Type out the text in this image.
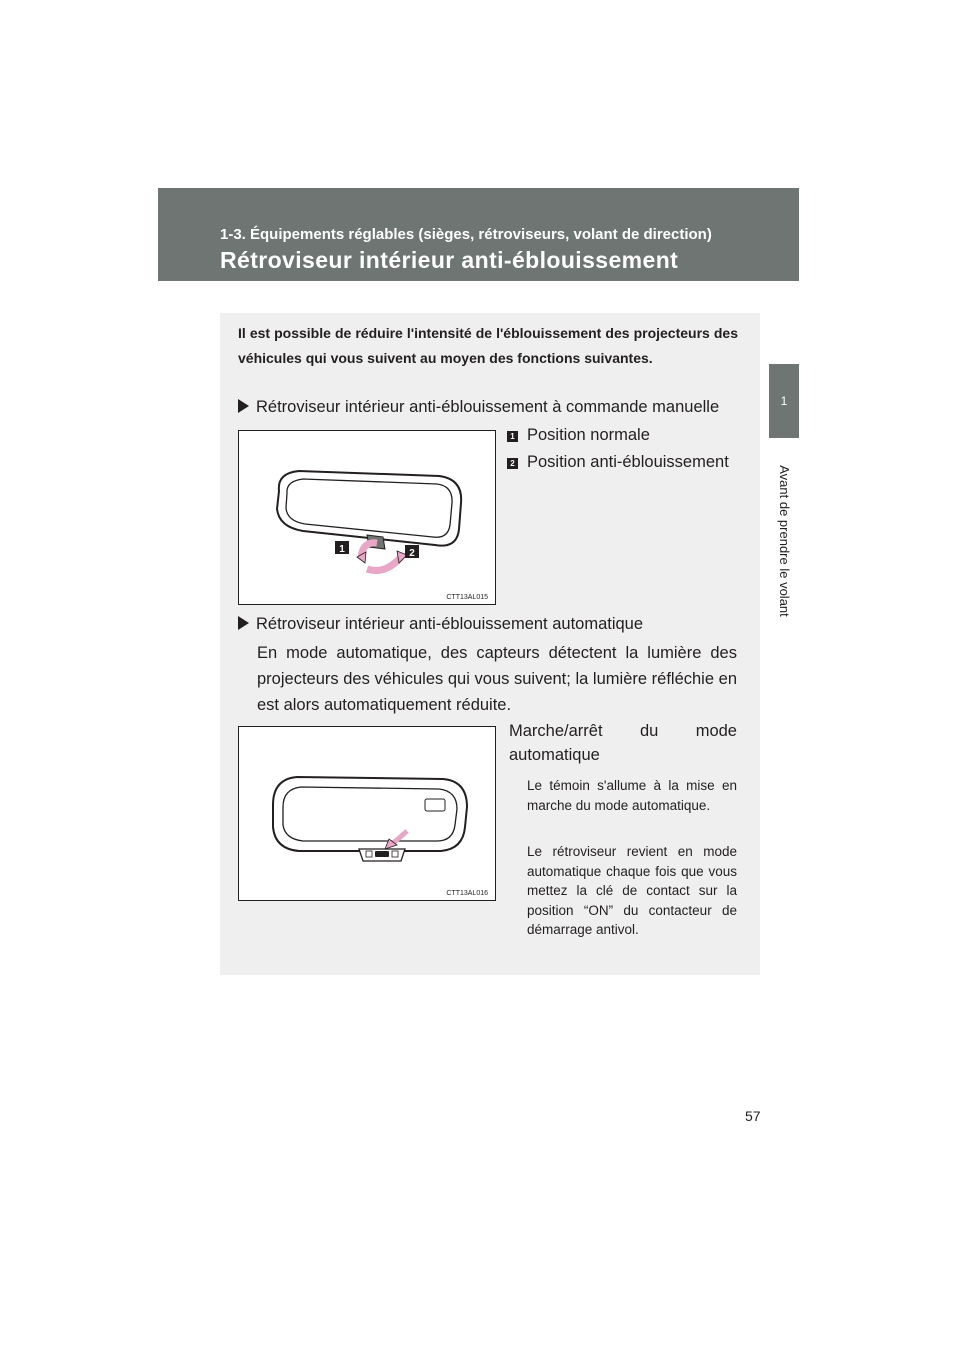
1-3. Équipements réglables (sièges, rétroviseurs, volant de direction)
Rétroviseur intérieur anti-éblouissement
1
Avant de prendre le volant
Il est possible de réduire l'intensité de l'éblouissement des projecteurs des véhicules qui vous suivent au moyen des fonctions suivantes.
Rétroviseur intérieur anti-éblouissement à commande manuelle
1 Position normale
2 Position anti-éblouissement
1	2
CTT13AL015
Rétroviseur intérieur anti-éblouissement automatique
En mode automatique, des capteurs détectent la lumière des projecteurs des véhicules qui vous suivent; la lumière réfléchie en est alors automatiquement réduite.
CTT13AL016
Marche/arrêt du mode
automatique
Le témoin s'allume à la mise en marche du mode automatique.
Le rétroviseur revient en mode automatique chaque fois que vous mettez la clé de contact sur la position “ON” du contacteur de démarrage antivol.
57
